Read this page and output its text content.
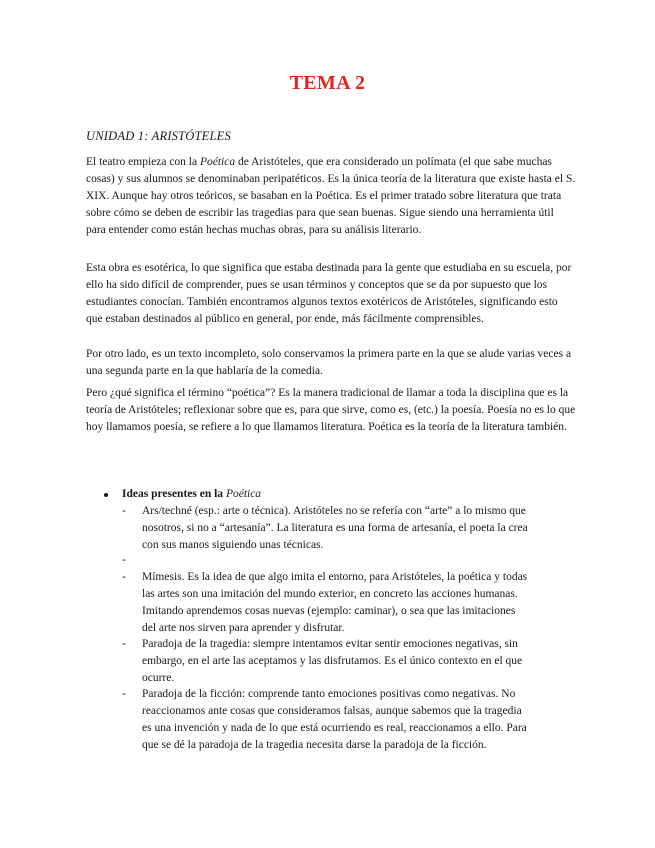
TEMA 2
UNIDAD 1: ARISTÓTELES

El teatro empieza con la Poética de Aristóteles, que era considerado un polímata (el que sabe muchas cosas) y sus alumnos se denominaban peripatéticos. Es la única teoría de la literatura que existe hasta el S. XIX. Aunque hay otros teóricos, se basaban en la Poética. Es el primer tratado sobre literatura que trata sobre cómo se deben de escribir las tragedias para que sean buenas. Sigue siendo una herramienta útil para entender como están hechas muchas obras, para su análisis literario.

Esta obra es esotérica, lo que significa que estaba destinada para la gente que estudiaba en su escuela, por ello ha sido difícil de comprender, pues se usan términos y conceptos que se da por supuesto que los estudiantes conocían. También encontramos algunos textos exotéricos de Aristóteles, significando esto que estaban destinados al público en general, por ende, más fácilmente comprensibles.

Por otro lado, es un texto incompleto, solo conservamos la primera parte en la que se alude varias veces a una segunda parte en la que hablaría de la comedia.

Pero ¿qué significa el término “poética”? Es la manera tradicional de llamar a toda la disciplina que es la teoría de Aristóteles; reflexionar sobre que es, para que sirve, como es, (etc.) la poesía. Poesía no es lo que hoy llamamos poesía, se refiere a lo que llamamos literatura. Poética es la teoría de la literatura también.

Ideas presentes en la Poética
- Ars/techné (esp.: arte o técnica). Aristóteles no se refería con “arte” a lo mismo que nosotros, si no a “artesanía”. La literatura es una forma de artesanía, el poeta la crea con sus manos siguiendo unas técnicas.
-
- Mímesis. Es la idea de que algo imita el entorno, para Aristóteles, la poética y todas las artes son una imitación del mundo exterior, en concreto las acciones humanas. Imitando aprendemos cosas nuevas (ejemplo: caminar), o sea que las imitaciones del arte nos sirven para aprender y disfrutar.
- Paradoja de la tragedia: siempre intentamos evitar sentir emociones negativas, sin embargo, en el arte las aceptamos y las disfrutamos. Es el único contexto en el que ocurre.
- Paradoja de la ficción: comprende tanto emociones positivas como negativas. No reaccionamos ante cosas que consideramos falsas, aunque sabemos que la tragedia es una invención y nada de lo que está ocurriendo es real, reaccionamos a ello. Para que se dé la paradoja de la tragedia necesita darse la paradoja de la ficción.
